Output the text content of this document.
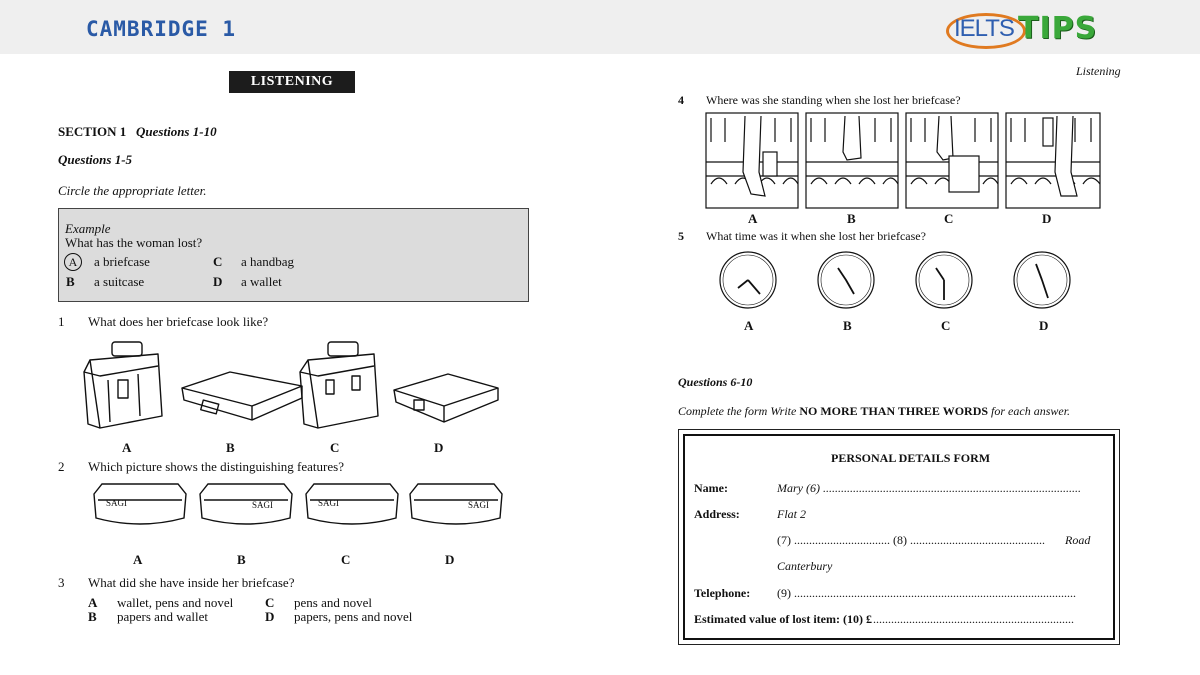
CAMBRIDGE 1	IELTS TIPS
LISTENING
SECTION 1 Questions 1-10
Questions 1-5
Circle the appropriate letter.
Example
What has the woman lost?
A	a briefcase
B a suitcase
C a handbag
D a wallet
1 What does her briefcase look like?
A	B	C	D
2 Which picture shows the distinguishing features?
SAGI	SAGI	SAGI	SAGI
A	B	C	D
3 What did she have inside her briefcase?
A wallet, pens and novel
B papers and wallet
C pens and novel
D papers, pens and novel
Listening
4 Where was she standing when she lost her briefcase?
A	B	C	D
5 What time was it when she lost her briefcase?
A	B	C	D
Questions 6-10
Complete the form Write NO MORE THAN THREE WORDS for each answer.
PERSONAL DETAILS FORM
Name:	Mary (6) ......................................................................................
Address:	Flat 2
(7) ................................ (8) ............................................. Road
Canterbury
Telephone: (9) ..............................................................................................
Estimated value of lost item: (10) £ ...................................................................
